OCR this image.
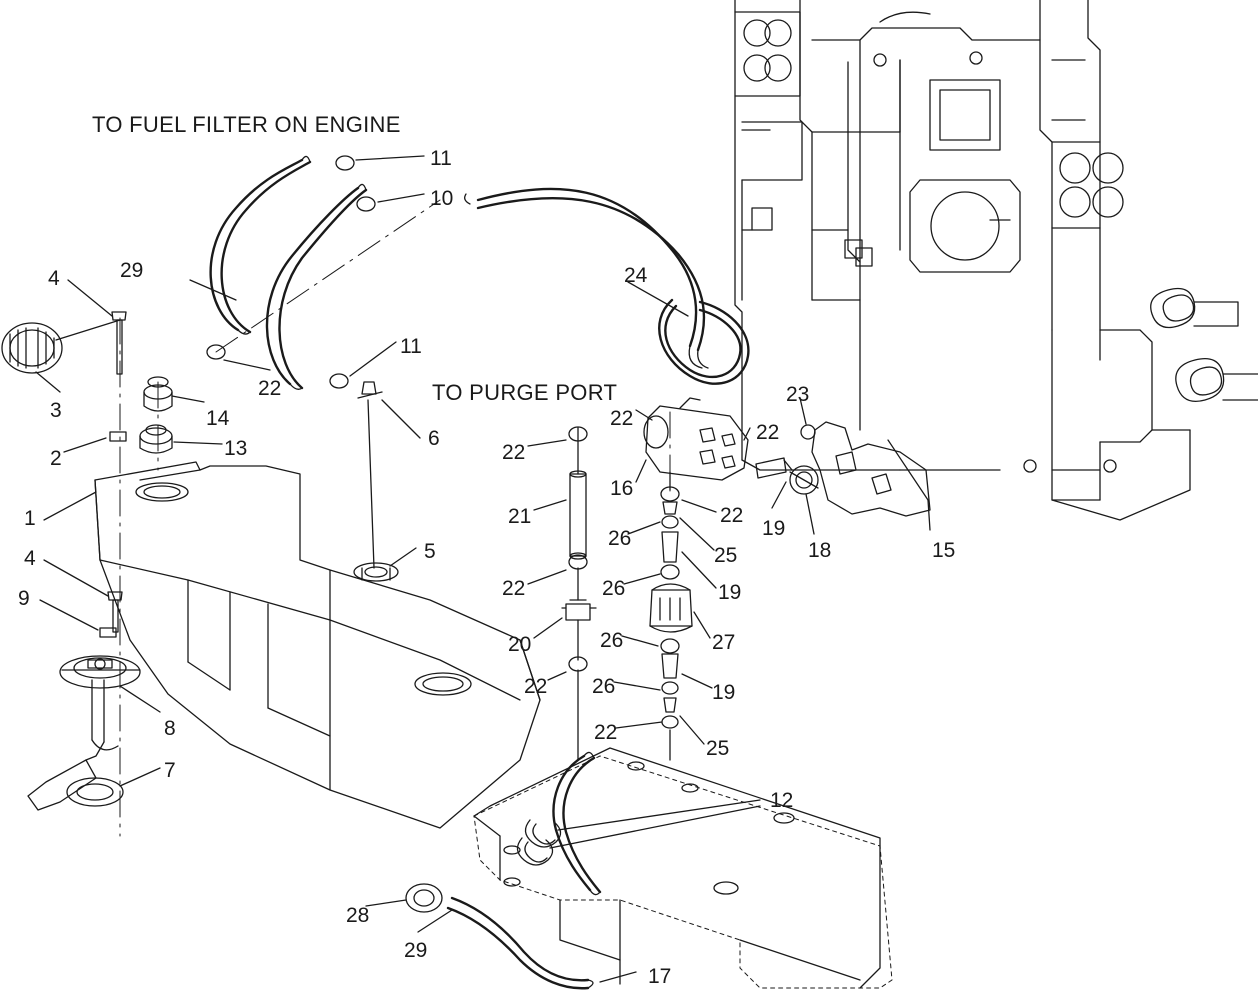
TO FUEL FILTER ON ENGINE
TO PURGE PORT
11
10
29	24
4
11
3
22
14
23
22
22
2	13	6
22
16
22
19
18	15
1	21
25
26
4	5
9	22	26	19
20	26	27
22 26	19
8	22
25
7
12
28
29
17
